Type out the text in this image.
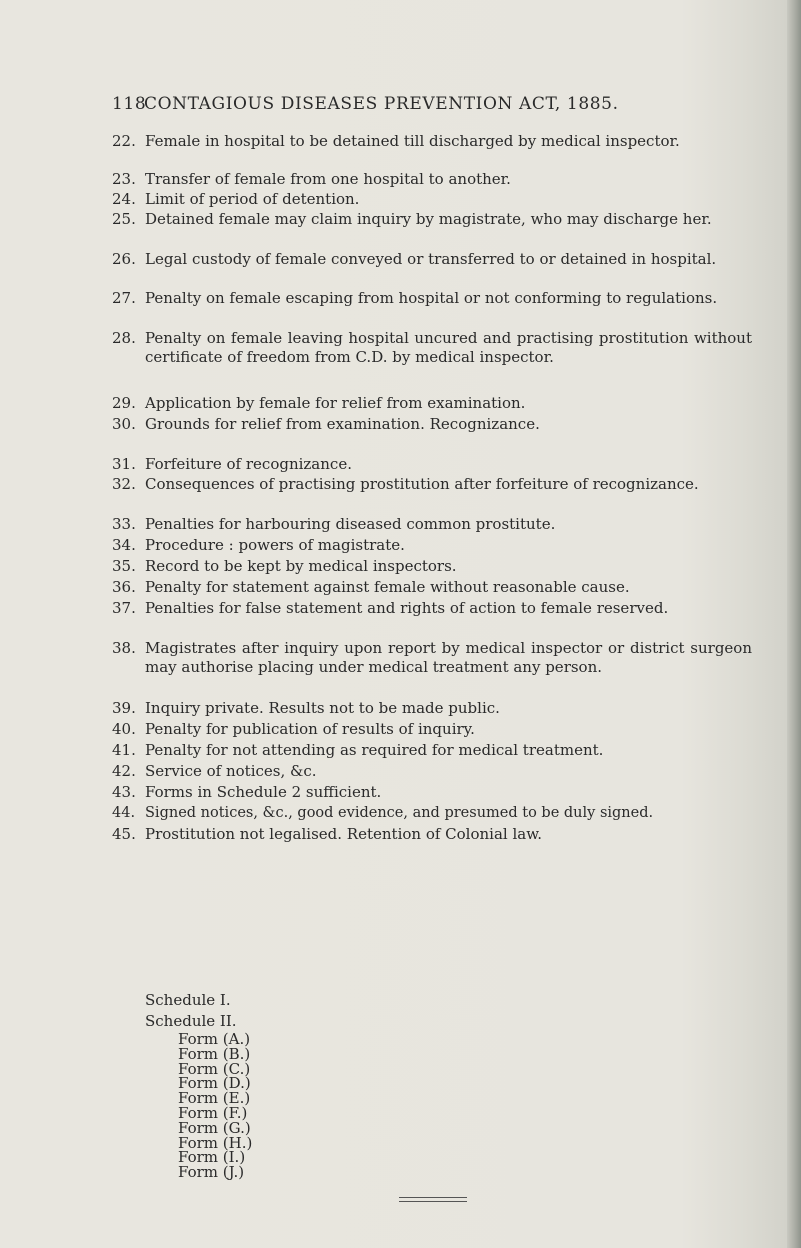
118 CONTAGIOUS DISEASES PREVENTION ACT, 1885.
22. Female in hospital to be detained till discharged by medical inspector.
23. Transfer of female from one hospital to another.
24. Limit of period of detention.
25. Detained female may claim inquiry by magistrate, who may discharge her.
26. Legal custody of female conveyed or transferred to or detained in hospital.
27. Penalty on female escaping from hospital or not conforming to regulations.
28. Penalty on female leaving hospital uncured and practising prostitution without certificate of freedom from C.D. by medical inspector.
29. Application by female for relief from examination.
30. Grounds for relief from examination. Recognizance.
31. Forfeiture of recognizance.
32. Consequences of practising prostitution after forfeiture of recognizance.
33. Penalties for harbouring diseased common prostitute.
34. Procedure : powers of magistrate.
35. Record to be kept by medical inspectors.
36. Penalty for statement against female without reasonable cause.
37. Penalties for false statement and rights of action to female reserved.
38. Magistrates after inquiry upon report by medical inspector or district surgeon may authorise placing under medical treatment any person.
39. Inquiry private. Results not to be made public.
40. Penalty for publication of results of inquiry.
41. Penalty for not attending as required for medical treatment.
42. Service of notices, &c.
43. Forms in Schedule 2 sufficient.
44. Signed notices, &c., good evidence, and presumed to be duly signed.
45. Prostitution not legalised. Retention of Colonial law.
Schedule I.
Schedule II.
Form (A.)
Form (B.)
Form (C.)
Form (D.)
Form (E.)
Form (F.)
Form (G.)
Form (H.)
Form (I.)
Form (J.)
